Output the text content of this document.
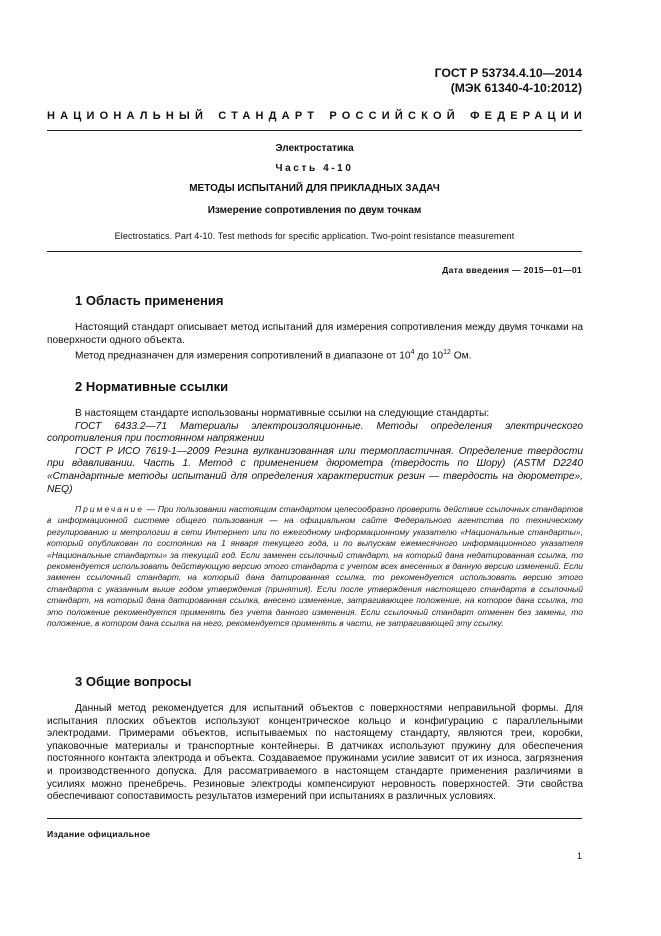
ГОСТ Р 53734.4.10—2014
(МЭК 61340-4-10:2012)
НАЦИОНАЛЬНЫЙ СТАНДАРТ РОССИЙСКОЙ ФЕДЕРАЦИИ
Электростатика
Часть 4-10
МЕТОДЫ ИСПЫТАНИЙ ДЛЯ ПРИКЛАДНЫХ ЗАДАЧ
Измерение сопротивления по двум точкам
Electrostatics. Part 4-10. Test methods for specific application. Two-point resistance measurement
Дата введения — 2015—01—01
1 Область применения

Настоящий стандарт описывает метод испытаний для измерения сопротивления между двумя точками на поверхности одного объекта.

Метод предназначен для измерения сопротивлений в диапазоне от $10^4$ до $10^{12}$ Ом.

2 Нормативные ссылки

В настоящем стандарте использованы нормативные ссылки на следующие стандарты:

ГОСТ 6433.2—71 Материалы электроизоляционные. Методы определения электрического сопротивления при постоянном напряжении

ГОСТ Р ИСО 7619-1—2009 Резина вулканизованная или термопластичная. Определение твердости при вдавливании. Часть 1. Метод с применением дюрометра (твердость по Шору) (ASTM D2240 «Стандартные методы испытаний для определения характеристик резин — твердость на дюрометре», NEQ)

Примечание — При пользовании настоящим стандартом целесообразно проверить действие ссылочных стандартов в информационной системе общего пользования — на официальном сайте Федерального агентства по техническому регулированию и метрологии в сети Интернет или по ежегодному информационному указателю «Национальные стандарты», который опубликован по состоянию на 1 января текущего года, и по выпускам ежемесячного информационного указателя «Национальные стандарты» за текущий год. Если заменен ссылочный стандарт, на который дана недатированная ссылка, то рекомендуется использовать действующую версию этого стандарта с учетом всех внесенных в данную версию изменений. Если заменен ссылочный стандарт, на который дана датированная ссылка, то рекомендуется использовать версию этого стандарта с указанным выше годом утверждения (принятия). Если после утверждения настоящего стандарта в ссылочный стандарт, на который дана датированная ссылка, внесено изменение, затрагивающее положение, на которое дана ссылка, то это положение рекомендуется применять без учета данного изменения. Если ссылочный стандарт отменен без замены, то положение, в котором дана ссылка на него, рекомендуется применять в части, не затрагивающей эту ссылку.

3 Общие вопросы

Данный метод рекомендуется для испытаний объектов с поверхностями неправильной формы. Для испытания плоских объектов используют концентрическое кольцо и конфигурацию с параллельными электродами. Примерами объектов, испытываемых по настоящему стандарту, являются треи, коробки, упаковочные материалы и транспортные контейнеры. В датчиках используют пружину для обеспечения постоянного контакта электрода и объекта. Создаваемое пружинами усилие зависит от их износа, загрязнения и производственного допуска. Для рассматриваемого в настоящем стандарте применения различиями в усилиях можно пренебречь. Резиновые электроды компенсируют неровность поверхностей. Эти свойства обеспечивают сопоставимость результатов измерений при испытаниях в различных условиях.

Издание официальное
1
